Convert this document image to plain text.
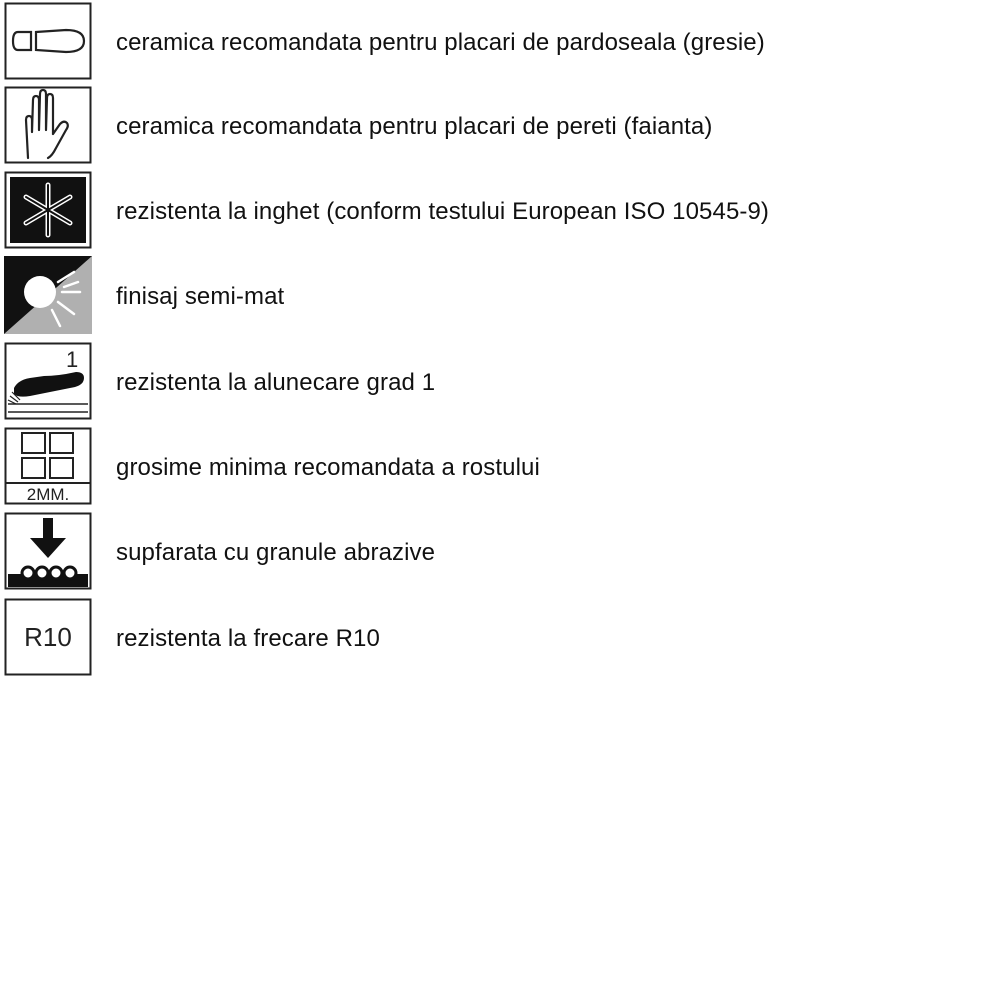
ceramica recomandata pentru placari de pardoseala (gresie)
ceramica recomandata pentru placari de pereti (faianta)
rezistenta la inghet (conform testului European ISO 10545-9)
finisaj semi-mat
1
rezistenta la alunecare grad 1
2MM.
grosime minima recomandata a rostului
supfarata cu granule abrazive
R10 rezistenta la frecare R10
